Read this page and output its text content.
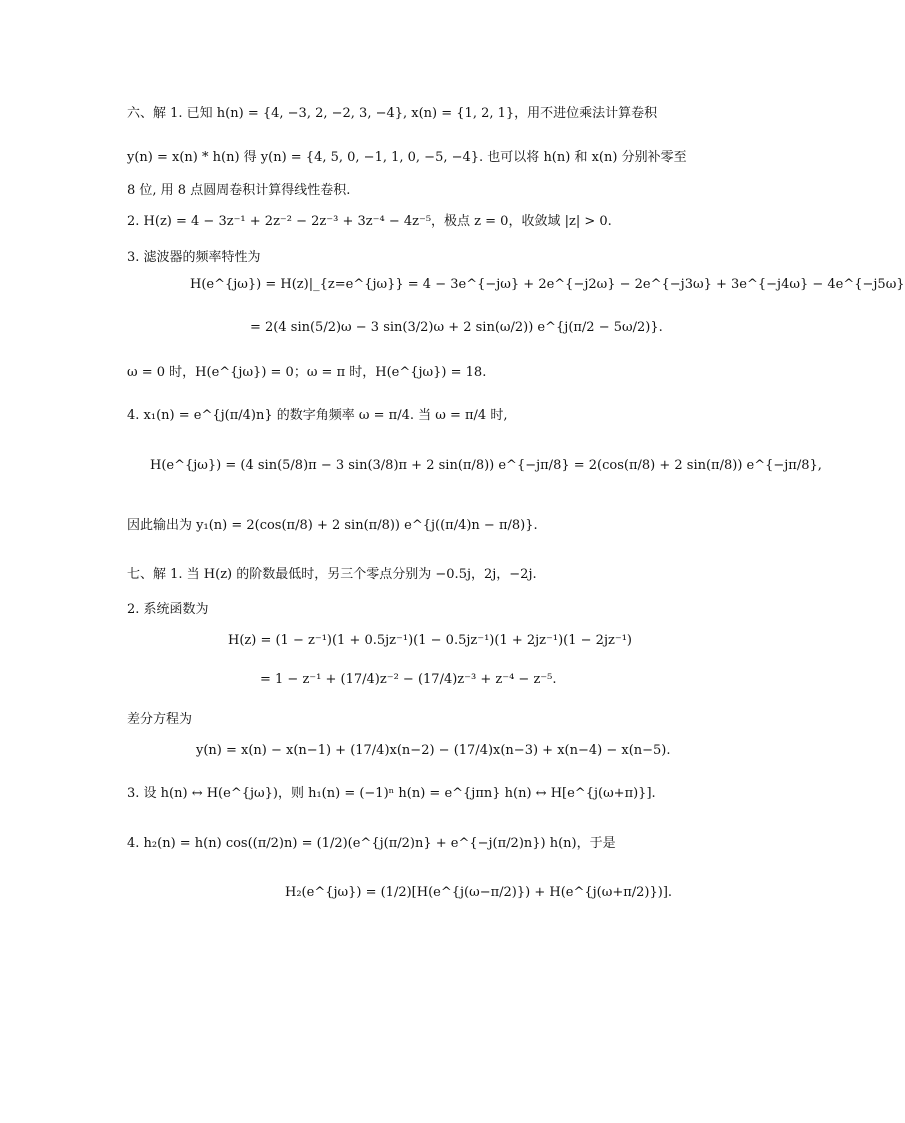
六、解 1. 已知 h(n) = {4, −3, 2, −2, 3, −4}, x(n) = {1, 2, 1}，用不进位乘法计算卷积
y(n) = x(n) * h(n) 得 y(n) = {4, 5, 0, −1, 1, 0, −5, −4}. 也可以将 h(n) 和 x(n) 分别补零至
8 位, 用 8 点圆周卷积计算得线性卷积.
2. H(z) = 4 − 3z⁻¹ + 2z⁻² − 2z⁻³ + 3z⁻⁴ − 4z⁻⁵，极点 z = 0，收敛域 |z| > 0.
3. 滤波器的频率特性为
H(e^{jω}) = H(z)|_{z=e^{jω}} = 4 − 3e^{−jω} + 2e^{−j2ω} − 2e^{−j3ω} + 3e^{−j4ω} − 4e^{−j5ω}
= 2(4 sin(5/2)ω − 3 sin(3/2)ω + 2 sin(ω/2)) e^{j(π/2 − 5ω/2)}.
ω = 0 时，H(e^{jω}) = 0；ω = π 时，H(e^{jω}) = 18.
4. x₁(n) = e^{j(π/4)n} 的数字角频率 ω = π/4. 当 ω = π/4 时,
H(e^{jω}) = (4 sin(5/8)π − 3 sin(3/8)π + 2 sin(π/8)) e^{−jπ/8} = 2(cos(π/8) + 2 sin(π/8)) e^{−jπ/8},
因此输出为 y₁(n) = 2(cos(π/8) + 2 sin(π/8)) e^{j((π/4)n − π/8)}.
七、解 1. 当 H(z) 的阶数最低时，另三个零点分别为 −0.5j，2j，−2j.
2. 系统函数为
H(z) = (1 − z⁻¹)(1 + 0.5jz⁻¹)(1 − 0.5jz⁻¹)(1 + 2jz⁻¹)(1 − 2jz⁻¹)
= 1 − z⁻¹ + (17/4)z⁻² − (17/4)z⁻³ + z⁻⁴ − z⁻⁵.
差分方程为
y(n) = x(n) − x(n−1) + (17/4)x(n−2) − (17/4)x(n−3) + x(n−4) − x(n−5).
3. 设 h(n) ↔ H(e^{jω})，则 h₁(n) = (−1)ⁿ h(n) = e^{jπn} h(n) ↔ H[e^{j(ω+π)}].
4. h₂(n) = h(n) cos((π/2)n) = (1/2)(e^{j(π/2)n} + e^{−j(π/2)n}) h(n)，于是
H₂(e^{jω}) = (1/2)[H(e^{j(ω−π/2)}) + H(e^{j(ω+π/2)})].
